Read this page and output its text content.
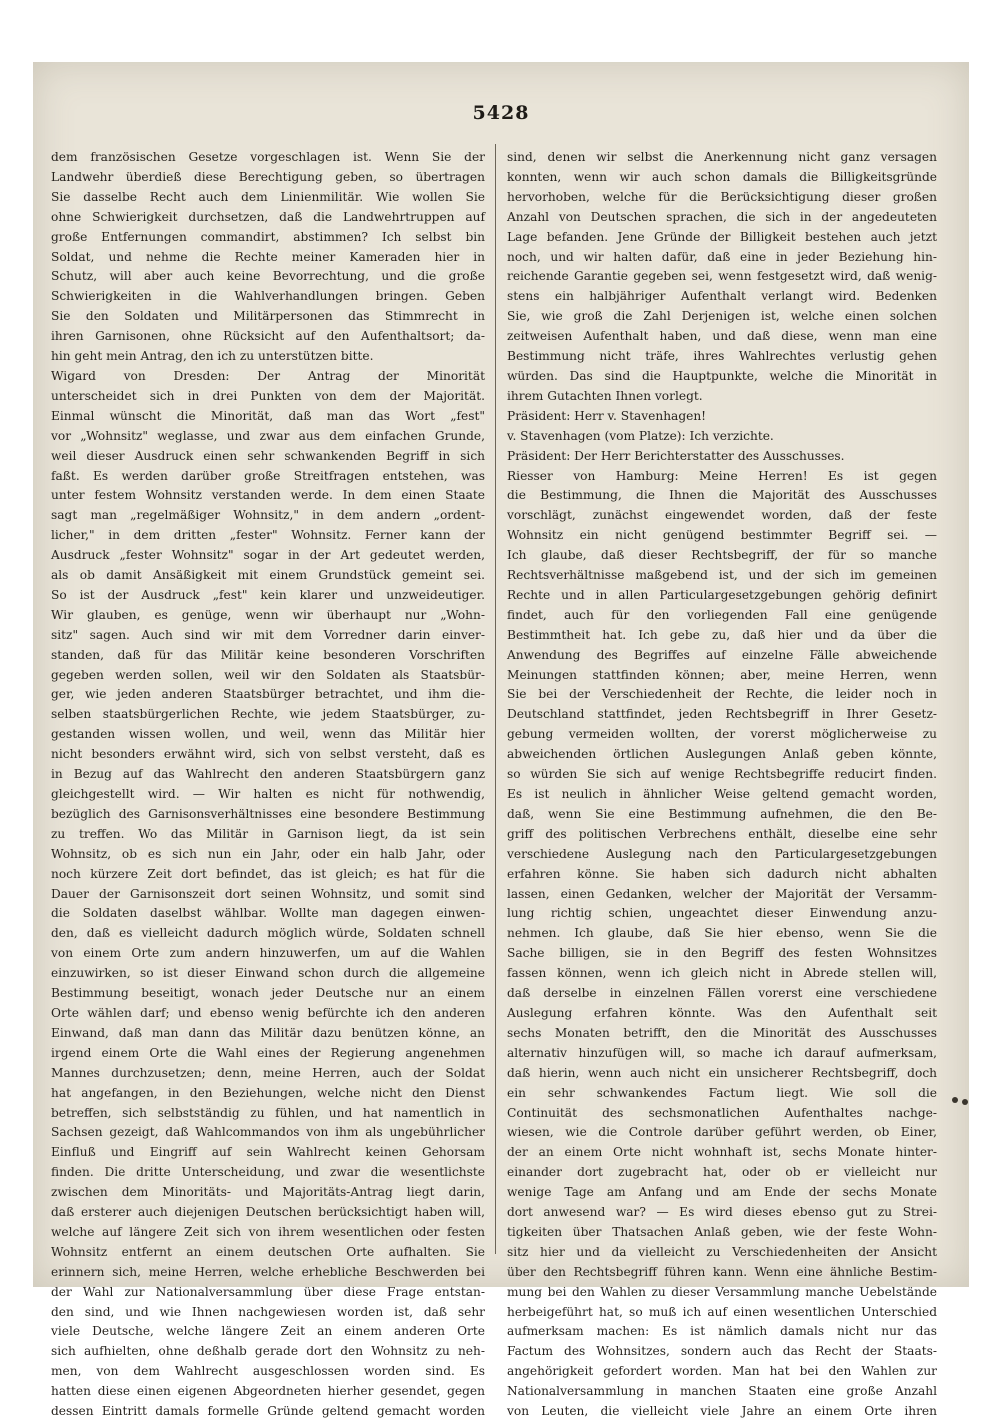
5428
dem französischen Gesetze vorgeschlagen ist. Wenn Sie der
Landwehr überdieß diese Berechtigung geben, so übertragen
Sie dasselbe Recht auch dem Linienmilitär. Wie wollen Sie
ohne Schwierigkeit durchsetzen, daß die Landwehrtruppen auf
große Entfernungen commandirt, abstimmen? Ich selbst bin
Soldat, und nehme die Rechte meiner Kameraden hier in
Schutz, will aber auch keine Bevorrechtung, und die große
Schwierigkeiten in die Wahlverhandlungen bringen. Geben
Sie den Soldaten und Militärpersonen das Stimmrecht in
ihren Garnisonen, ohne Rücksicht auf den Aufenthaltsort; da-
hin geht mein Antrag, den ich zu unterstützen bitte.
Wigard von Dresden: Der Antrag der Minorität
unterscheidet sich in drei Punkten von dem der Majorität.
Einmal wünscht die Minorität, daß man das Wort „fest"
vor „Wohnsitz" weglasse, und zwar aus dem einfachen Grunde,
weil dieser Ausdruck einen sehr schwankenden Begriff in sich
faßt. Es werden darüber große Streitfragen entstehen, was
unter festem Wohnsitz verstanden werde. In dem einen Staate
sagt man „regelmäßiger Wohnsitz," in dem andern „ordent-
licher," in dem dritten „fester" Wohnsitz. Ferner kann der
Ausdruck „fester Wohnsitz" sogar in der Art gedeutet werden,
als ob damit Ansäßigkeit mit einem Grundstück gemeint sei.
So ist der Ausdruck „fest" kein klarer und unzweideutiger.
Wir glauben, es genüge, wenn wir überhaupt nur „Wohn-
sitz" sagen. Auch sind wir mit dem Vorredner darin einver-
standen, daß für das Militär keine besonderen Vorschriften
gegeben werden sollen, weil wir den Soldaten als Staatsbür-
ger, wie jeden anderen Staatsbürger betrachtet, und ihm die-
selben staatsbürgerlichen Rechte, wie jedem Staatsbürger, zu-
gestanden wissen wollen, und weil, wenn das Militär hier
nicht besonders erwähnt wird, sich von selbst versteht, daß es
in Bezug auf das Wahlrecht den anderen Staatsbürgern ganz
gleichgestellt wird. — Wir halten es nicht für nothwendig,
bezüglich des Garnisonsverhältnisses eine besondere Bestimmung
zu treffen. Wo das Militär in Garnison liegt, da ist sein
Wohnsitz, ob es sich nun ein Jahr, oder ein halb Jahr, oder
noch kürzere Zeit dort befindet, das ist gleich; es hat für die
Dauer der Garnisonszeit dort seinen Wohnsitz, und somit sind
die Soldaten daselbst wählbar. Wollte man dagegen einwen-
den, daß es vielleicht dadurch möglich würde, Soldaten schnell
von einem Orte zum andern hinzuwerfen, um auf die Wahlen
einzuwirken, so ist dieser Einwand schon durch die allgemeine
Bestimmung beseitigt, wonach jeder Deutsche nur an einem
Orte wählen darf; und ebenso wenig befürchte ich den anderen
Einwand, daß man dann das Militär dazu benützen könne, an
irgend einem Orte die Wahl eines der Regierung angenehmen
Mannes durchzusetzen; denn, meine Herren, auch der Soldat
hat angefangen, in den Beziehungen, welche nicht den Dienst
betreffen, sich selbstständig zu fühlen, und hat namentlich in
Sachsen gezeigt, daß Wahlcommandos von ihm als ungebührlicher
Einfluß und Eingriff auf sein Wahlrecht keinen Gehorsam
finden. Die dritte Unterscheidung, und zwar die wesentlichste
zwischen dem Minoritäts- und Majoritäts-Antrag liegt darin,
daß ersterer auch diejenigen Deutschen berücksichtigt haben will,
welche auf längere Zeit sich von ihrem wesentlichen oder festen
Wohnsitz entfernt an einem deutschen Orte aufhalten. Sie
erinnern sich, meine Herren, welche erhebliche Beschwerden bei
der Wahl zur Nationalversammlung über diese Frage entstan-
den sind, und wie Ihnen nachgewiesen worden ist, daß sehr
viele Deutsche, welche längere Zeit an einem anderen Orte
sich aufhielten, ohne deßhalb gerade dort den Wohnsitz zu neh-
men, von dem Wahlrecht ausgeschlossen worden sind. Es
hatten diese einen eigenen Abgeordneten hierher gesendet, gegen
dessen Eintritt damals formelle Gründe geltend gemacht worden
sind, denen wir selbst die Anerkennung nicht ganz versagen
konnten, wenn wir auch schon damals die Billigkeitsgründe
hervorhoben, welche für die Berücksichtigung dieser großen
Anzahl von Deutschen sprachen, die sich in der angedeuteten
Lage befanden. Jene Gründe der Billigkeit bestehen auch jetzt
noch, und wir halten dafür, daß eine in jeder Beziehung hin-
reichende Garantie gegeben sei, wenn festgesetzt wird, daß wenig-
stens ein halbjähriger Aufenthalt verlangt wird. Bedenken
Sie, wie groß die Zahl Derjenigen ist, welche einen solchen
zeitweisen Aufenthalt haben, und daß diese, wenn man eine
Bestimmung nicht träfe, ihres Wahlrechtes verlustig gehen
würden. Das sind die Hauptpunkte, welche die Minorität in
ihrem Gutachten Ihnen vorlegt.
Präsident: Herr v. Stavenhagen!
v. Stavenhagen (vom Platze): Ich verzichte.
Präsident: Der Herr Berichterstatter des Ausschusses.
Riesser von Hamburg: Meine Herren! Es ist gegen
die Bestimmung, die Ihnen die Majorität des Ausschusses
vorschlägt, zunächst eingewendet worden, daß der feste
Wohnsitz ein nicht genügend bestimmter Begriff sei. —
Ich glaube, daß dieser Rechtsbegriff, der für so manche
Rechtsverhältnisse maßgebend ist, und der sich im gemeinen
Rechte und in allen Particulargesetzgebungen gehörig definirt
findet, auch für den vorliegenden Fall eine genügende
Bestimmtheit hat. Ich gebe zu, daß hier und da über die
Anwendung des Begriffes auf einzelne Fälle abweichende
Meinungen stattfinden können; aber, meine Herren, wenn
Sie bei der Verschiedenheit der Rechte, die leider noch in
Deutschland stattfindet, jeden Rechtsbegriff in Ihrer Gesetz-
gebung vermeiden wollten, der vorerst möglicherweise zu
abweichenden örtlichen Auslegungen Anlaß geben könnte,
so würden Sie sich auf wenige Rechtsbegriffe reducirt finden.
Es ist neulich in ähnlicher Weise geltend gemacht worden,
daß, wenn Sie eine Bestimmung aufnehmen, die den Be-
griff des politischen Verbrechens enthält, dieselbe eine sehr
verschiedene Auslegung nach den Particulargesetzgebungen
erfahren könne. Sie haben sich dadurch nicht abhalten
lassen, einen Gedanken, welcher der Majorität der Versamm-
lung richtig schien, ungeachtet dieser Einwendung anzu-
nehmen. Ich glaube, daß Sie hier ebenso, wenn Sie die
Sache billigen, sie in den Begriff des festen Wohnsitzes
fassen können, wenn ich gleich nicht in Abrede stellen will,
daß derselbe in einzelnen Fällen vorerst eine verschiedene
Auslegung erfahren könnte. Was den Aufenthalt seit
sechs Monaten betrifft, den die Minorität des Ausschusses
alternativ hinzufügen will, so mache ich darauf aufmerksam,
daß hierin, wenn auch nicht ein unsicherer Rechtsbegriff, doch
ein sehr schwankendes Factum liegt. Wie soll die
Continuität des sechsmonatlichen Aufenthaltes nachge-
wiesen, wie die Controle darüber geführt werden, ob Einer,
der an einem Orte nicht wohnhaft ist, sechs Monate hinter-
einander dort zugebracht hat, oder ob er vielleicht nur
wenige Tage am Anfang und am Ende der sechs Monate
dort anwesend war? — Es wird dieses ebenso gut zu Strei-
tigkeiten über Thatsachen Anlaß geben, wie der feste Wohn-
sitz hier und da vielleicht zu Verschiedenheiten der Ansicht
über den Rechtsbegriff führen kann. Wenn eine ähnliche Bestim-
mung bei den Wahlen zu dieser Versammlung manche Uebelstände
herbeigeführt hat, so muß ich auf einen wesentlichen Unterschied
aufmerksam machen: Es ist nämlich damals nicht nur das
Factum des Wohnsitzes, sondern auch das Recht der Staats-
angehörigkeit gefordert worden. Man hat bei den Wahlen zur
Nationalversammlung in manchen Staaten eine große Anzahl
von Leuten, die vielleicht viele Jahre an einem Orte ihren
